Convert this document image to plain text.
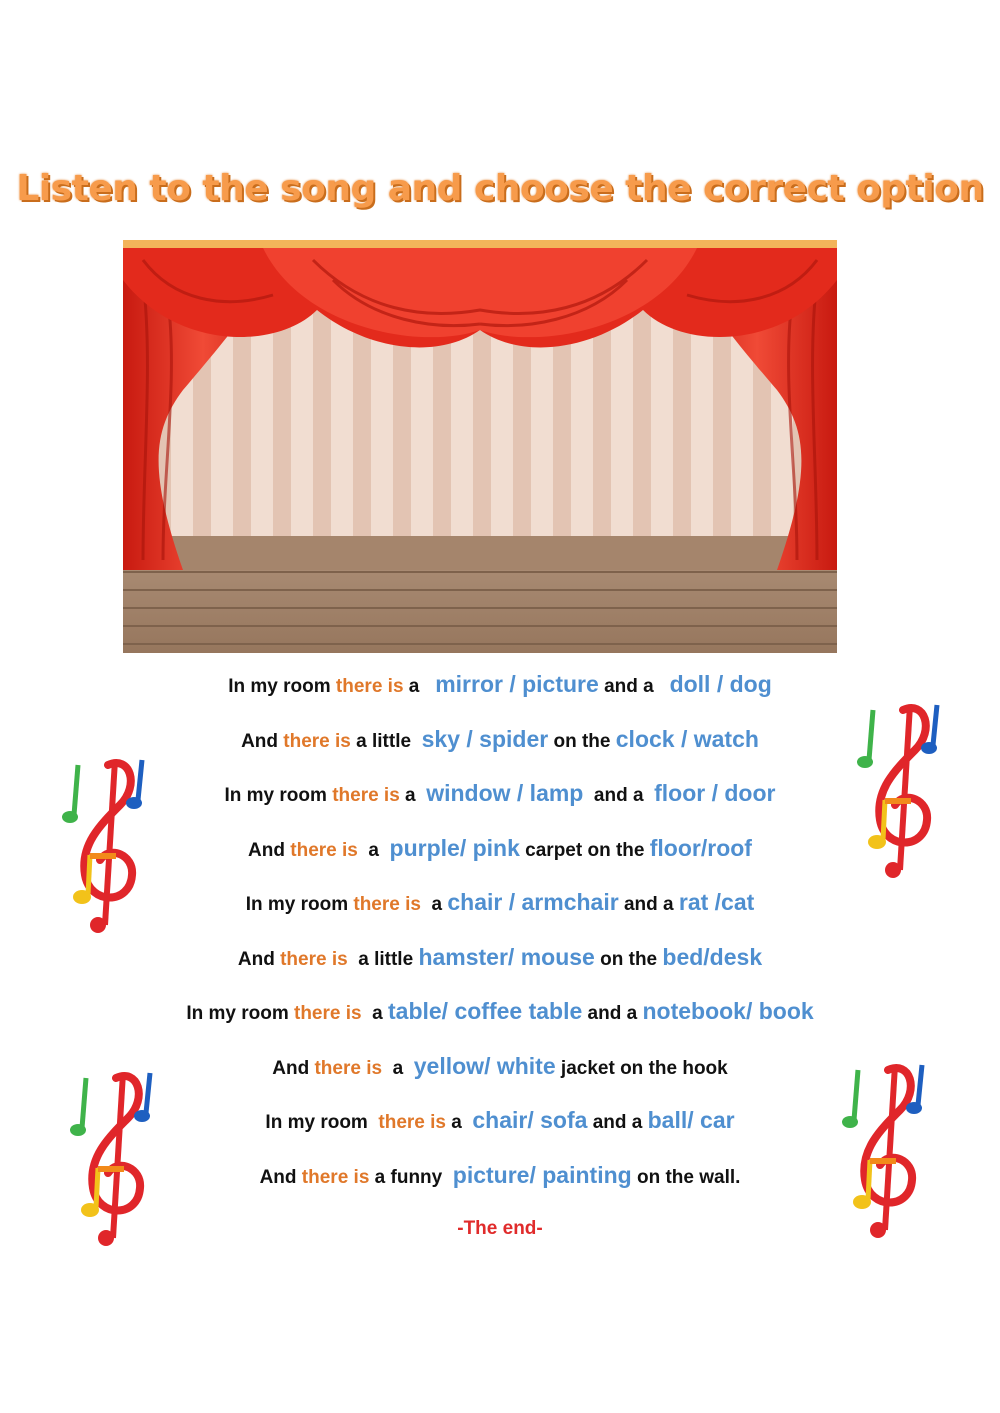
Listen to the song and choose the correct option
In my room there is a   mirror / picture and a   doll / dog
And there is a little  sky / spider on the clock / watch
In my room there is a  window / lamp  and a  floor / door
And there is  a  purple/ pink carpet on the floor/roof
In my room there is  a chair / armchair and a rat /cat
And there is  a little hamster/ mouse on the bed/desk
In my room there is  a table/ coffee table and a notebook/ book
And there is  a  yellow/ white jacket on the hook
In my room  there is a  chair/ sofa and a ball/ car
And there is a funny  picture/ painting on the wall.
-The end-
